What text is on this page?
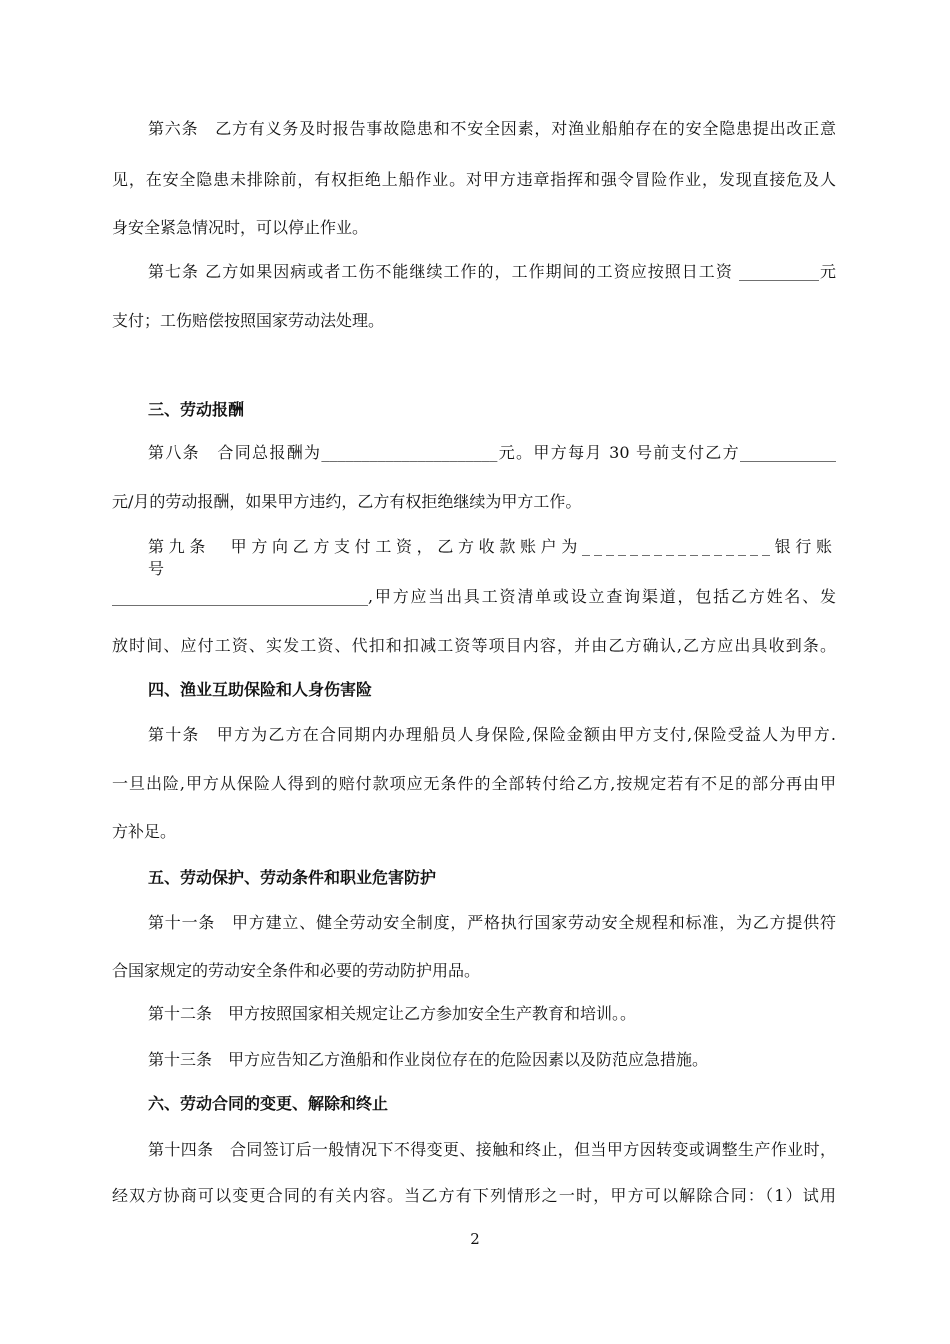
第六条　乙方有义务及时报告事故隐患和不安全因素，对渔业船舶存在的安全隐患提出改正意
见，在安全隐患未排除前，有权拒绝上船作业。对甲方违章指挥和强令冒险作业，发现直接危及人
身安全紧急情况时，可以停止作业。
第七条 乙方如果因病或者工伤不能继续工作的，工作期间的工资应按照日工资 __________元
支付；工伤赔偿按照国家劳动法处理。
三、劳动报酬
第八条　合同总报酬为______________________元。甲方每月 30 号前支付乙方____________
元/月的劳动报酬，如果甲方违约，乙方有权拒绝继续为甲方工作。
第九条　甲方向乙方支付工资，乙方收款账户为________________银行账号
________________________________,甲方应当出具工资清单或设立查询渠道，包括乙方姓名、发
放时间、应付工资、实发工资、代扣和扣减工资等项目内容，并由乙方确认,乙方应出具收到条。
四、渔业互助保险和人身伤害险
第十条　甲方为乙方在合同期内办理船员人身保险,保险金额由甲方支付,保险受益人为甲方.
一旦出险,甲方从保险人得到的赔付款项应无条件的全部转付给乙方,按规定若有不足的部分再由甲
方补足。
五、劳动保护、劳动条件和职业危害防护
第十一条　甲方建立、健全劳动安全制度，严格执行国家劳动安全规程和标准，为乙方提供符
合国家规定的劳动安全条件和必要的劳动防护用品。
第十二条　甲方按照国家相关规定让乙方参加安全生产教育和培训。。
第十三条　甲方应告知乙方渔船和作业岗位存在的危险因素以及防范应急措施。
六、劳动合同的变更、解除和终止
第十四条　合同签订后一般情况下不得变更、接触和终止，但当甲方因转变或调整生产作业时，
经双方协商可以变更合同的有关内容。当乙方有下列情形之一时，甲方可以解除合同：（1）试用
2
